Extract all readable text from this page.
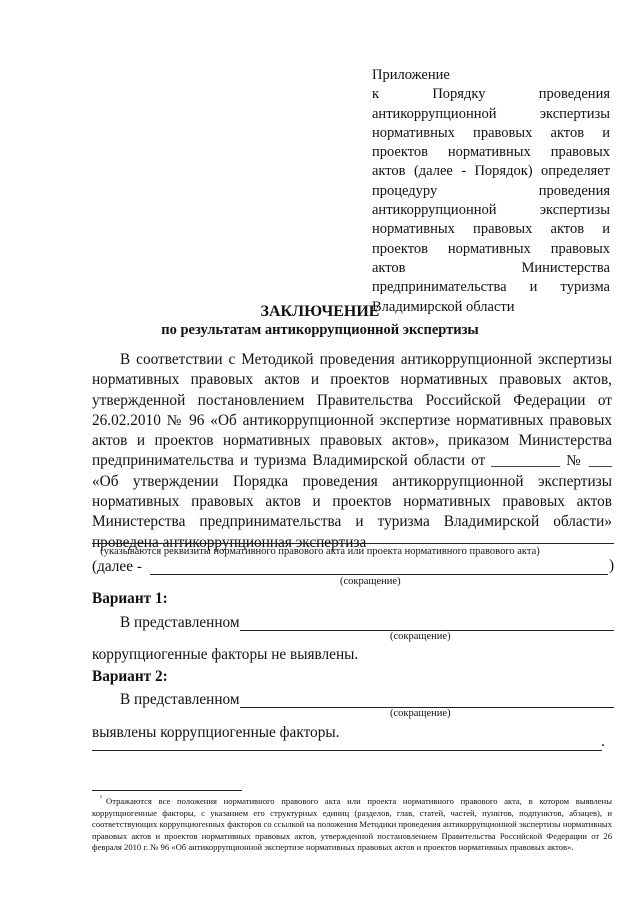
Приложение
к Порядку проведения
антикоррупционной экспертизы
нормативных правовых актов и
проектов нормативных правовых
актов (далее - Порядок) определяет
процедуру проведения
антикоррупционной экспертизы
нормативных правовых актов и
проектов нормативных правовых
актов Министерства
предпринимательства и туризма
Владимирской области
ЗАКЛЮЧЕНИЕ
по результатам антикоррупционной экспертизы
В соответствии с Методикой проведения антикоррупционной экспертизы
нормативных правовых актов и проектов нормативных правовых актов,
утвержденной постановлением Правительства Российской Федерации от
26.02.2010 № 96 «Об антикоррупционной экспертизе нормативных правовых
актов и проектов нормативных правовых актов», приказом Министерства
предпринимательства и туризма Владимирской области от _________ № ___
«Об утверждении Порядка проведения антикоррупционной экспертизы
нормативных правовых актов и проектов нормативных правовых актов
Министерства предпринимательства и туризма Владимирской области»
проведена антикоррупционная экспертиза
(указываются реквизиты нормативного правового акта или проекта нормативного правового акта)
(далее -	)
(сокращение)
Вариант 1:
В представленном
(сокращение)
коррупциогенные факторы не выявлены.
Вариант 2:
В представленном
(сокращение)
выявлены коррупциогенные факторы.
.
¹ Отражаются все положения нормативного правового акта или проекта нормативного правового акта, в котором выявлены
коррупциогенные факторы, с указанием его структурных единиц (разделов, глав, статей, частей, пунктов, подпунктов, абзацев), и
соответствующих коррупциогенных факторов со ссылкой на положения Методики проведения антикоррупционной экспертизы нормативных
правовых актов и проектов нормативных правовых актов, утвержденной постановлением Правительства Российской Федерации от 26
февраля 2010 г. № 96 «Об антикоррупционной экспертизе нормативных правовых актов и проектов нормативных правовых актов».
